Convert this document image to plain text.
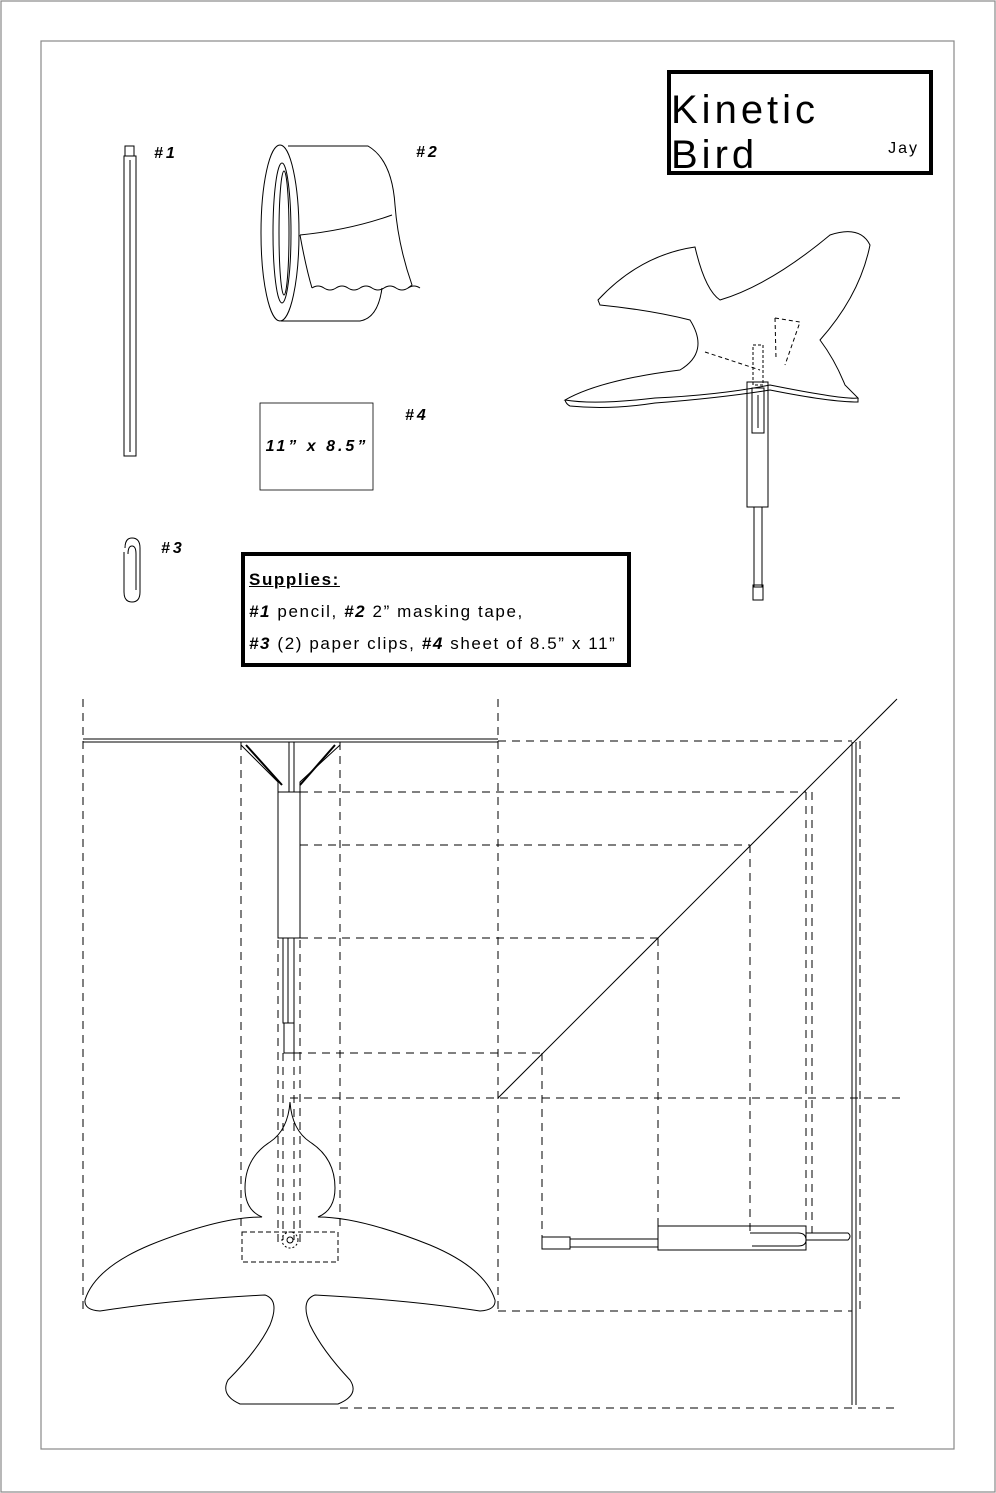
#1	#2
#3
#4
11” x 8.5”
Kinetic Bird	Jay
Supplies:
#1 pencil, #2 2” masking tape,
#3 (2) paper clips, #4 sheet of 8.5” x 11”
